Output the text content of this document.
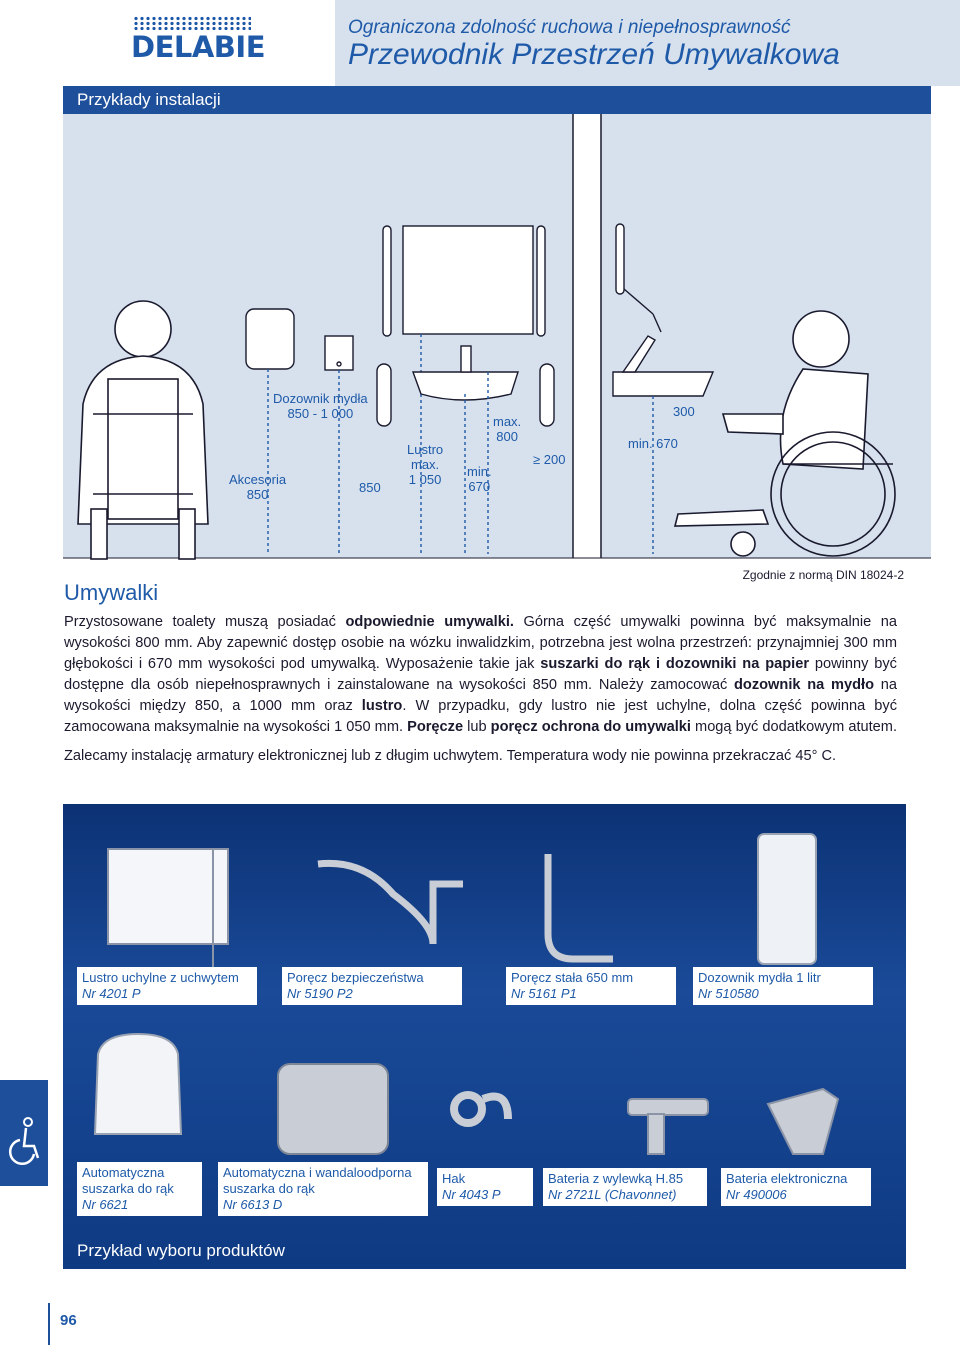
DELABIE
Ograniczona zdolność ruchowa i niepełnosprawność
Przewodnik Przestrzeń Umywalkowa
Przykłady instalacji
Dozownik mydła
850 - 1 000
Akcesoria
850	850
Lustro
max.
1 050
max.
800
min.
670
≥ 200
300
min. 670
Zgodnie z normą DIN 18024-2
Umywalki

Przystosowane toalety muszą posiadać odpowiednie umywalki. Górna część umywalki powinna być maksymalnie na wysokości 800 mm. Aby zapewnić dostęp osobie na wózku inwalidzkim, potrzebna jest wolna przestrzeń: przynajmniej 300 mm głębokości i 670 mm wysokości pod umywalką. Wyposażenie takie jak suszarki do rąk i dozowniki na papier powinny być dostępne dla osób niepełnosprawnych i zainstalowane na wysokości 850 mm. Należy zamocować dozownik na mydło na wysokości między 850, a 1000 mm oraz lustro. W przypadku, gdy lustro nie jest uchylne, dolna część powinna być zamocowana maksymalnie na wysokości 1 050 mm. Poręcze lub poręcz ochrona do umywalki mogą być dodatkowym atutem.

Zalecamy instalację armatury elektronicznej lub z długim uchwytem. Temperatura wody nie powinna przekraczać 45° C.

Lustro uchylne z uchwytem
Nr 4201 P
Poręcz bezpieczeństwa
Nr 5190 P2
Poręcz stała 650 mm
Nr 5161 P1
Dozownik mydła 1 litr
Nr 510580
Automatyczna suszarka do rąk
Nr 6621
Automatyczna i wandaloodporna suszarka do rąk
Nr 6613 D
Hak
Nr 4043 P
Bateria z wylewką H.85
Nr 2721L (Chavonnet)
Bateria elektroniczna
Nr 490006
Przykład wyboru produktów
96
